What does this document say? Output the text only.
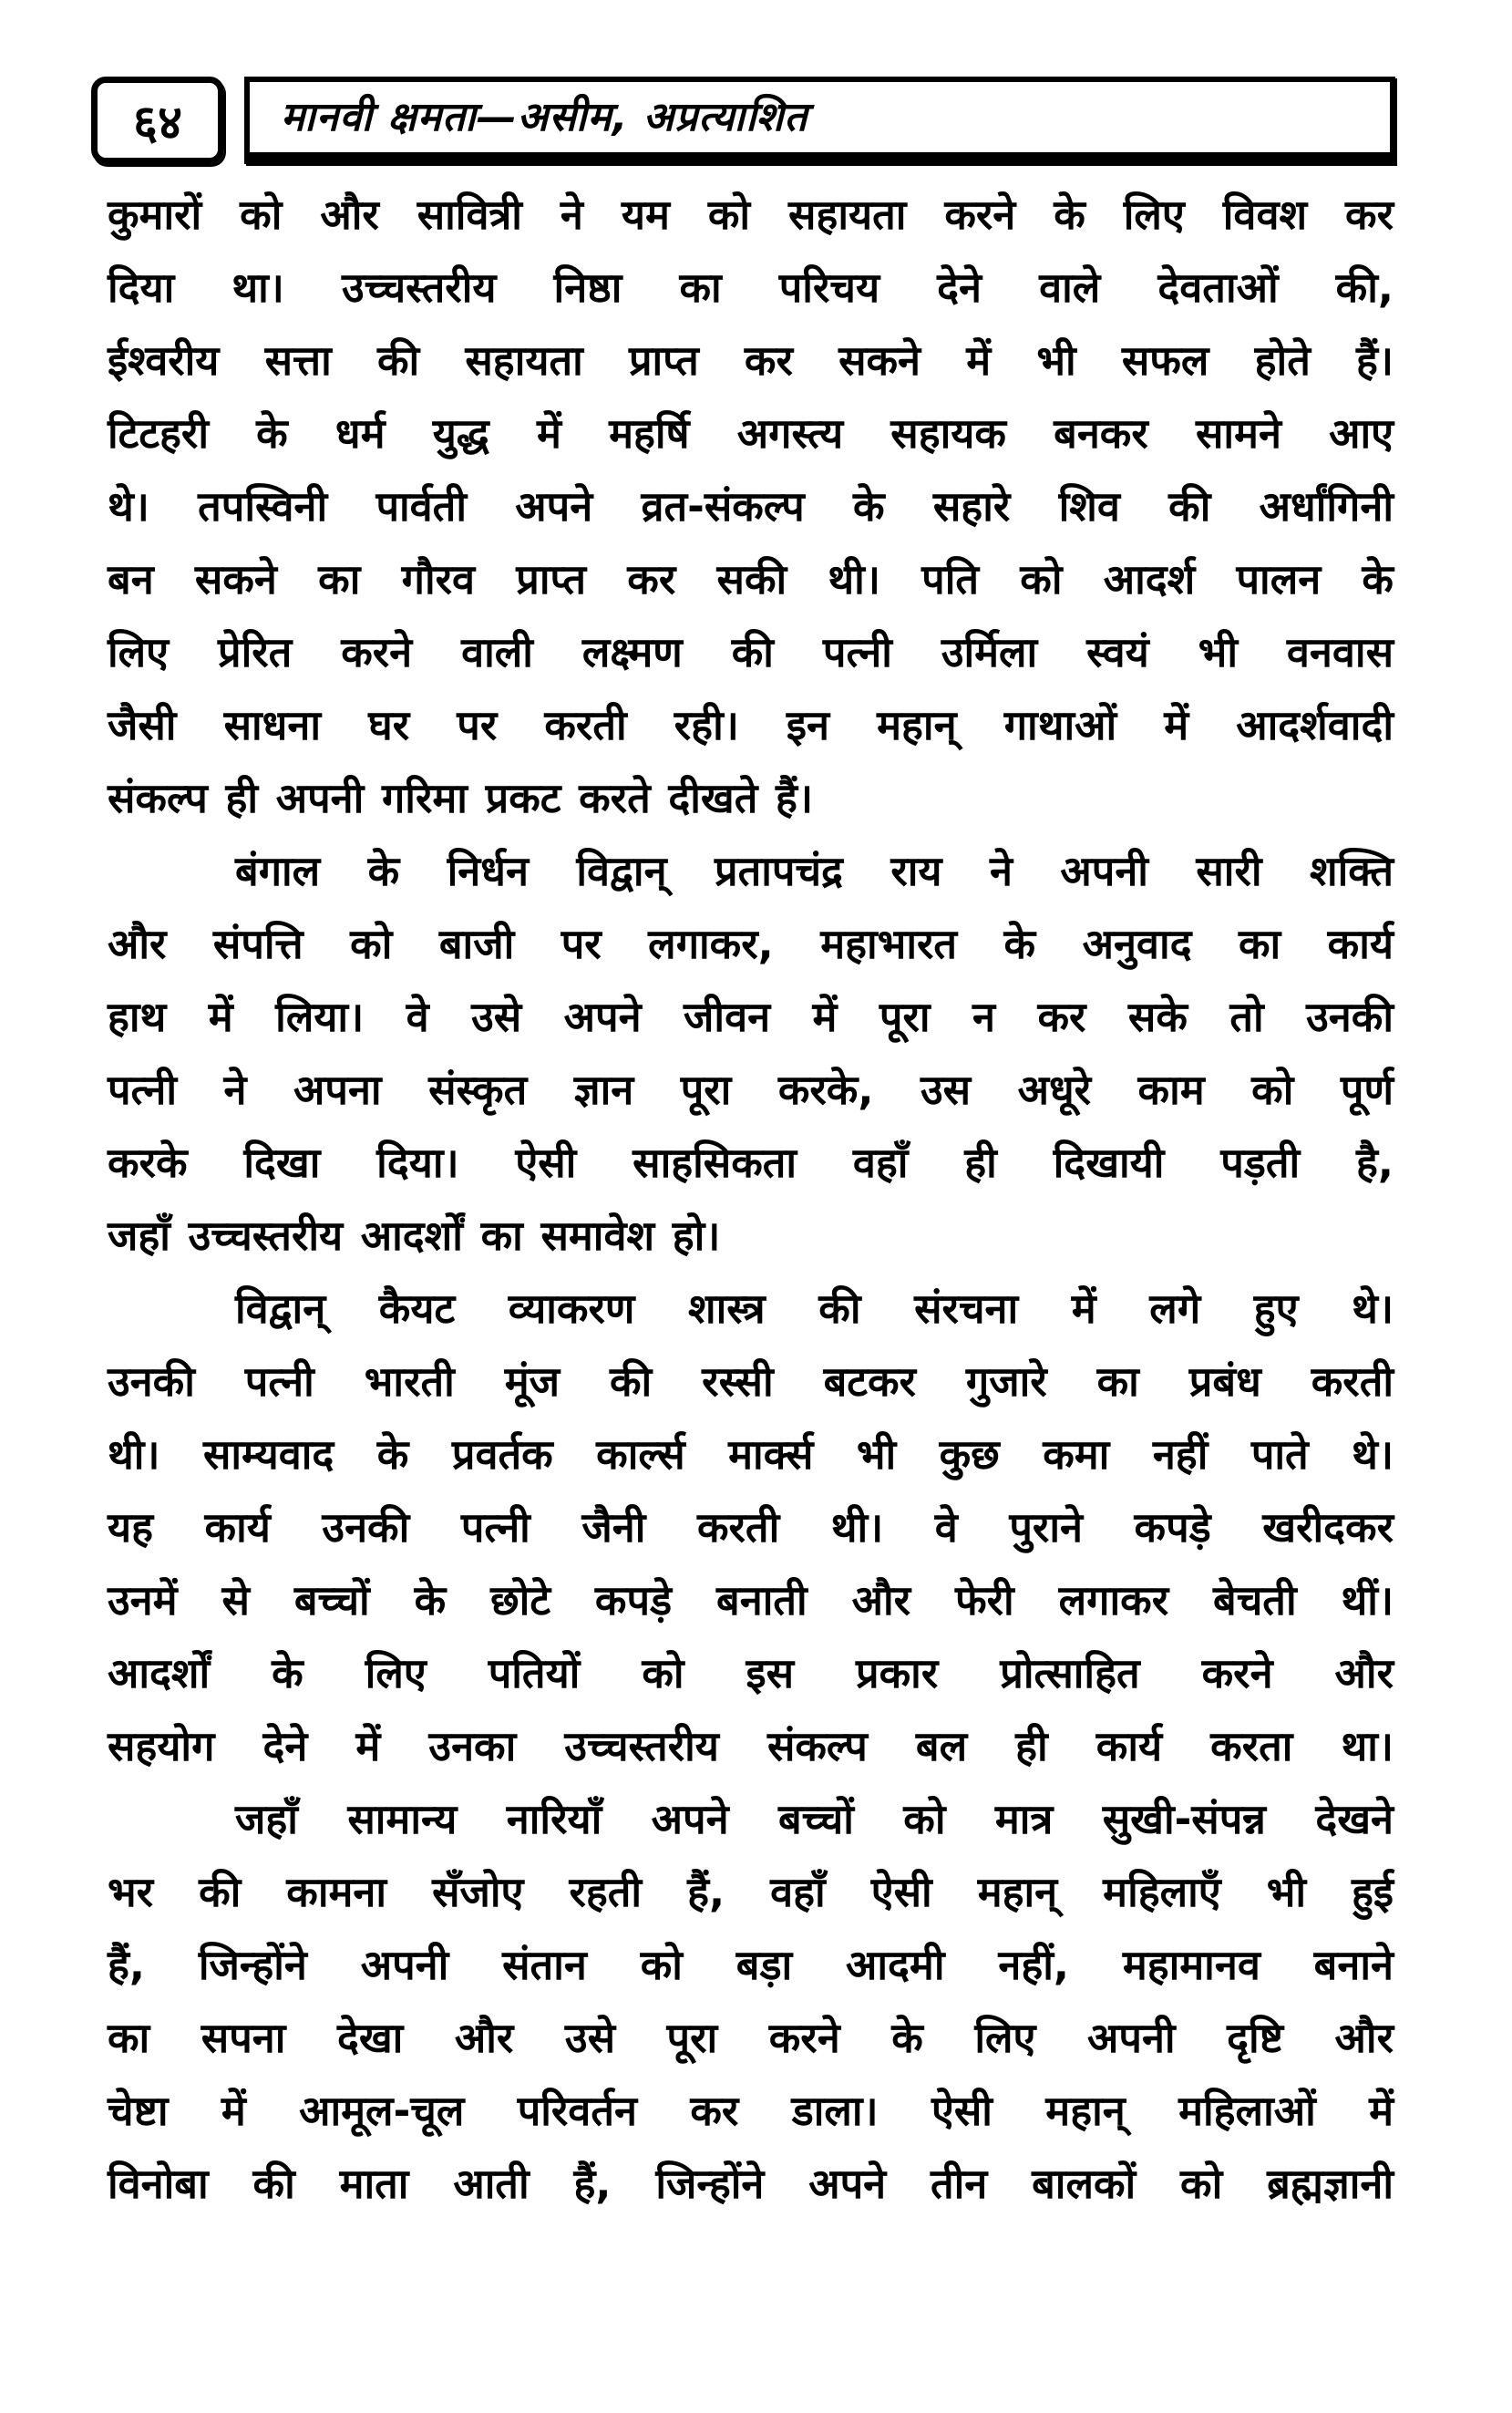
६४ मानवी क्षमता—असीम, अप्रत्याशित
कुमारों को और सावित्री ने यम को सहायता करने के लिए विवश कर
दिया था। उच्चस्तरीय निष्ठा का परिचय देने वाले देवताओं की,
ईश्वरीय सत्ता की सहायता प्राप्त कर सकने में भी सफल होते हैं।
टिटहरी के धर्म युद्ध में महर्षि अगस्त्य सहायक बनकर सामने आए
थे। तपस्विनी पार्वती अपने व्रत-संकल्प के सहारे शिव की अर्धांगिनी
बन सकने का गौरव प्राप्त कर सकी थी। पति को आदर्श पालन के
लिए प्रेरित करने वाली लक्ष्मण की पत्नी उर्मिला स्वयं भी वनवास
जैसी साधना घर पर करती रही। इन महान् गाथाओं में आदर्शवादी
संकल्प ही अपनी गरिमा प्रकट करते दीखते हैं।
बंगाल के निर्धन विद्वान् प्रतापचंद्र राय ने अपनी सारी शक्ति
और संपत्ति को बाजी पर लगाकर, महाभारत के अनुवाद का कार्य
हाथ में लिया। वे उसे अपने जीवन में पूरा न कर सके तो उनकी
पत्नी ने अपना संस्कृत ज्ञान पूरा करके, उस अधूरे काम को पूर्ण
करके दिखा दिया। ऐसी साहसिकता वहाँ ही दिखायी पड़ती है,
जहाँ उच्चस्तरीय आदर्शों का समावेश हो।
विद्वान् कैयट व्याकरण शास्त्र की संरचना में लगे हुए थे।
उनकी पत्नी भारती मूंज की रस्सी बटकर गुजारे का प्रबंध करती
थी। साम्यवाद के प्रवर्तक कार्ल्स मार्क्स भी कुछ कमा नहीं पाते थे।
यह कार्य उनकी पत्नी जैनी करती थी। वे पुराने कपड़े खरीदकर
उनमें से बच्चों के छोटे कपड़े बनाती और फेरी लगाकर बेचती थीं।
आदर्शों के लिए पतियों को इस प्रकार प्रोत्साहित करने और
सहयोग देने में उनका उच्चस्तरीय संकल्प बल ही कार्य करता था।
जहाँ सामान्य नारियाँ अपने बच्चों को मात्र सुखी-संपन्न देखने
भर की कामना सँजोए रहती हैं, वहाँ ऐसी महान् महिलाएँ भी हुई
हैं, जिन्होंने अपनी संतान को बड़ा आदमी नहीं, महामानव बनाने
का सपना देखा और उसे पूरा करने के लिए अपनी दृष्टि और
चेष्टा में आमूल-चूल परिवर्तन कर डाला। ऐसी महान् महिलाओं में
विनोबा की माता आती हैं, जिन्होंने अपने तीन बालकों को ब्रह्मज्ञानी
